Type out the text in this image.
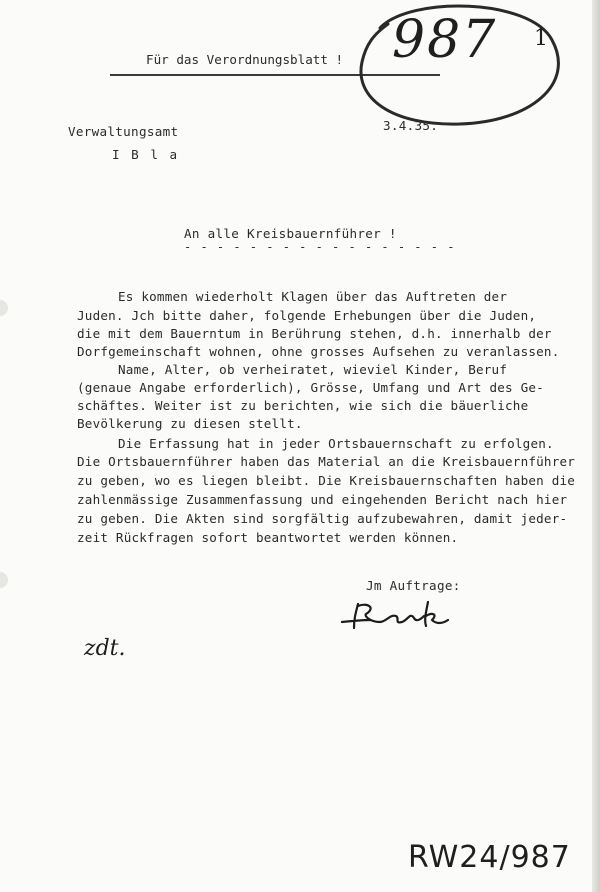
Für das Verordnungsblatt ! 987 1
Verwaltungsamt
I B l a
3.4.35.
An alle Kreisbauernführer !
- - - - - - - - - - - - - - - - -
Es kommen wiederholt Klagen über das Auftreten der
Juden. Jch bitte daher, folgende Erhebungen über die Juden,
die mit dem Bauerntum in Berührung stehen, d.h. innerhalb der
Dorfgemeinschaft wohnen, ohne grosses Aufsehen zu veranlassen.
Name, Alter, ob verheiratet, wieviel Kinder, Beruf
(genaue Angabe erforderlich), Grösse, Umfang und Art des Ge-
schäftes. Weiter ist zu berichten, wie sich die bäuerliche
Bevölkerung zu diesen stellt.
Die Erfassung hat in jeder Ortsbauernschaft zu erfolgen.
Die Ortsbauernführer haben das Material an die Kreisbauernführer
zu geben, wo es liegen bleibt. Die Kreisbauernschaften haben die
zahlenmässige Zusammenfassung und eingehenden Bericht nach hier
zu geben. Die Akten sind sorgfältig aufzubewahren, damit jeder-
zeit Rückfragen sofort beantwortet werden können.
Jm Auftrage:
zdt.
RW24/987
